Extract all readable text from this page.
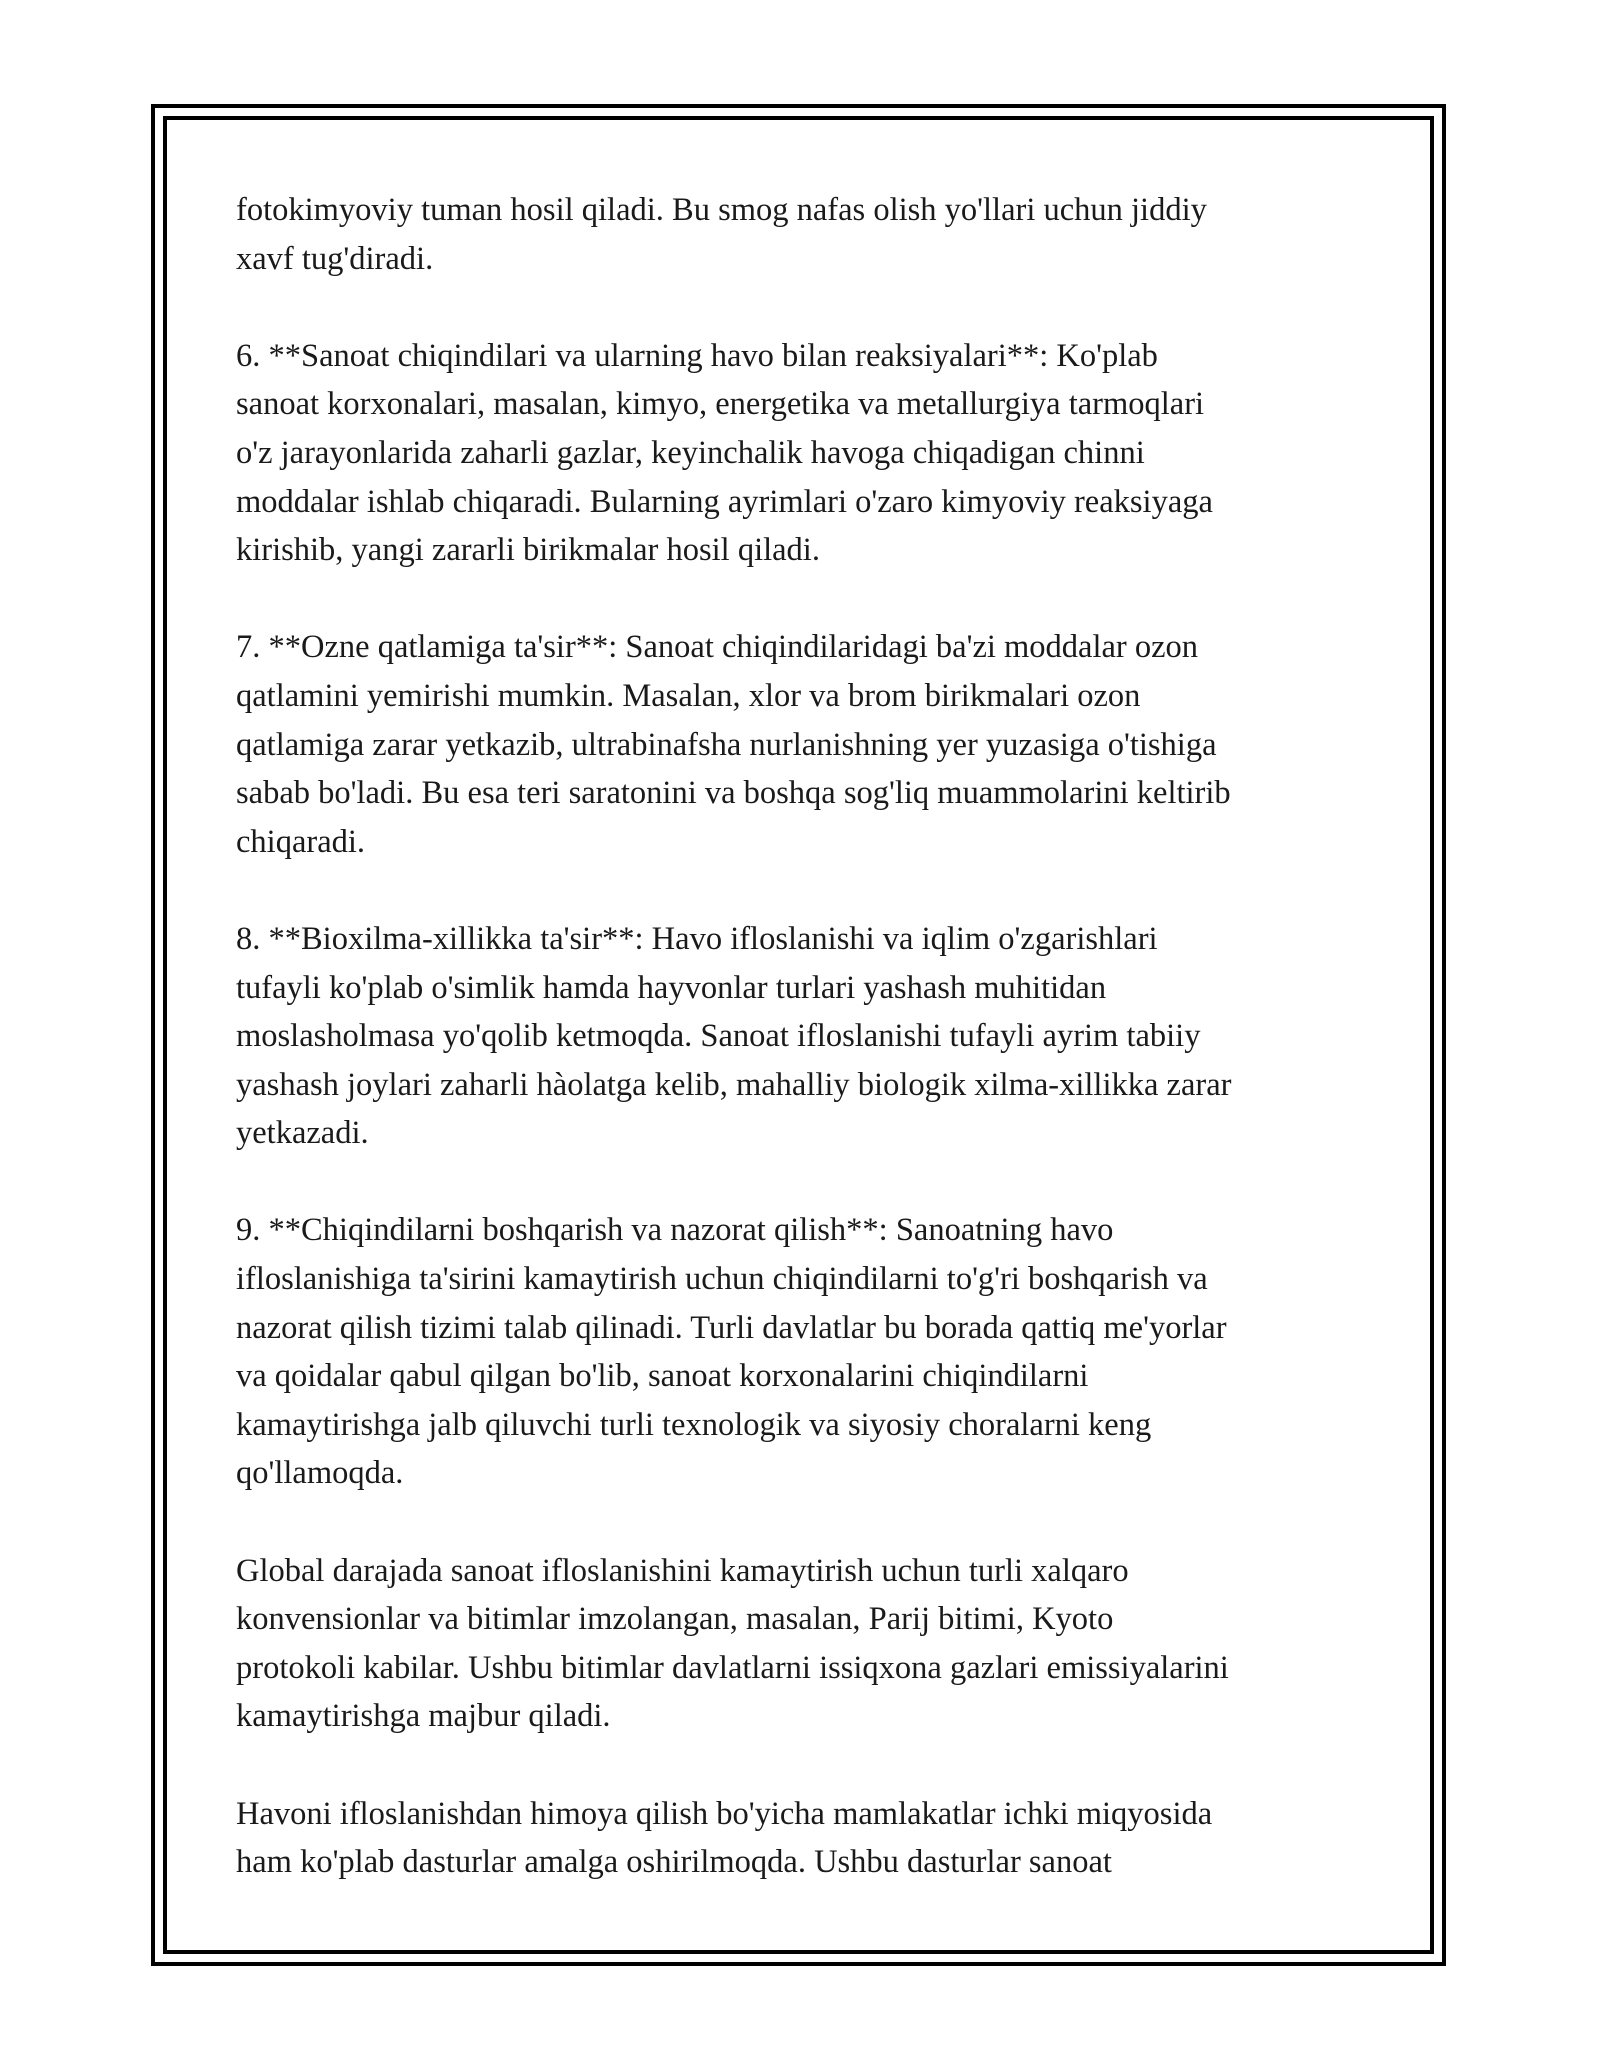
fotokimyoviy tuman hosil qiladi. Bu smog nafas olish yo'llari uchun jiddiy
xavf tug'diradi.

6. **Sanoat chiqindilari va ularning havo bilan reaksiyalari**: Ko'plab
sanoat korxonalari, masalan, kimyo, energetika va metallurgiya tarmoqlari
o'z jarayonlarida zaharli gazlar, keyinchalik havoga chiqadigan chinni
moddalar ishlab chiqaradi. Bularning ayrimlari o'zaro kimyoviy reaksiyaga
kirishib, yangi zararli birikmalar hosil qiladi.

7. **Ozne qatlamiga ta'sir**: Sanoat chiqindilaridagi ba'zi moddalar ozon
qatlamini yemirishi mumkin. Masalan, xlor va brom birikmalari ozon
qatlamiga zarar yetkazib, ultrabinafsha nurlanishning yer yuzasiga o'tishiga
sabab bo'ladi. Bu esa teri saratonini va boshqa sog'liq muammolarini keltirib
chiqaradi.

8. **Bioxilma-xillikka ta'sir**: Havo ifloslanishi va iqlim o'zgarishlari
tufayli ko'plab o'simlik hamda hayvonlar turlari yashash muhitidan
moslasholmasa yo'qolib ketmoqda. Sanoat ifloslanishi tufayli ayrim tabiiy
yashash joylari zaharli hàolatga kelib, mahalliy biologik xilma-xillikka zarar
yetkazadi.

9. **Chiqindilarni boshqarish va nazorat qilish**: Sanoatning havo
ifloslanishiga ta'sirini kamaytirish uchun chiqindilarni to'g'ri boshqarish va
nazorat qilish tizimi talab qilinadi. Turli davlatlar bu borada qattiq me'yorlar
va qoidalar qabul qilgan bo'lib, sanoat korxonalarini chiqindilarni
kamaytirishga jalb qiluvchi turli texnologik va siyosiy choralarni keng
qo'llamoqda.

Global darajada sanoat ifloslanishini kamaytirish uchun turli xalqaro
konvensionlar va bitimlar imzolangan, masalan, Parij bitimi, Kyoto
protokoli kabilar. Ushbu bitimlar davlatlarni issiqxona gazlari emissiyalarini
kamaytirishga majbur qiladi.

Havoni ifloslanishdan himoya qilish bo'yicha mamlakatlar ichki miqyosida
ham ko'plab dasturlar amalga oshirilmoqda. Ushbu dasturlar sanoat
